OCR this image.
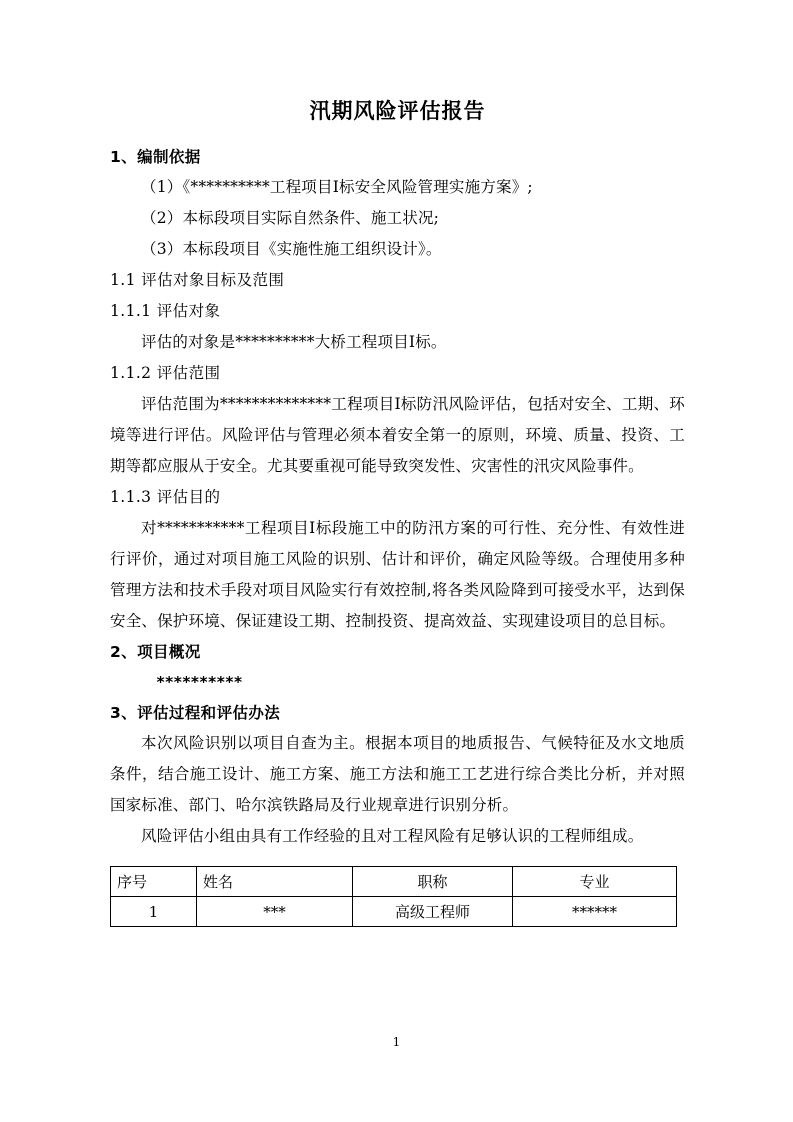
汛期风险评估报告

1、编制依据

（1）《**********工程项目Ⅰ标安全风险管理实施方案》;

（2）本标段项目实际自然条件、施工状况;

（3）本标段项目《实施性施工组织设计》。

1.1 评估对象目标及范围

1.1.1 评估对象

评估的对象是**********大桥工程项目Ⅰ标。

1.1.2 评估范围

评估范围为**************工程项目Ⅰ标防汛风险评估，包括对安全、工期、环境等进行评估。风险评估与管理必须本着安全第一的原则，环境、质量、投资、工期等都应服从于安全。尤其要重视可能导致突发性、灾害性的汛灾风险事件。

1.1.3 评估目的

对***********工程项目Ⅰ标段施工中的防汛方案的可行性、充分性、有效性进行评价，通过对项目施工风险的识别、估计和评价，确定风险等级。合理使用多种管理方法和技术手段对项目风险实行有效控制,将各类风险降到可接受水平，达到保安全、保护环境、保证建设工期、控制投资、提高效益、实现建设项目的总目标。

2、项目概况

**********

3、评估过程和评估办法

本次风险识别以项目自查为主。根据本项目的地质报告、气候特征及水文地质条件，结合施工设计、施工方案、施工方法和施工工艺进行综合类比分析，并对照国家标准、部门、哈尔滨铁路局及行业规章进行识别分析。

风险评估小组由具有工作经验的且对工程风险有足够认识的工程师组成。

序号	姓名	职称	专业
1	***	高级工程师	******
1
